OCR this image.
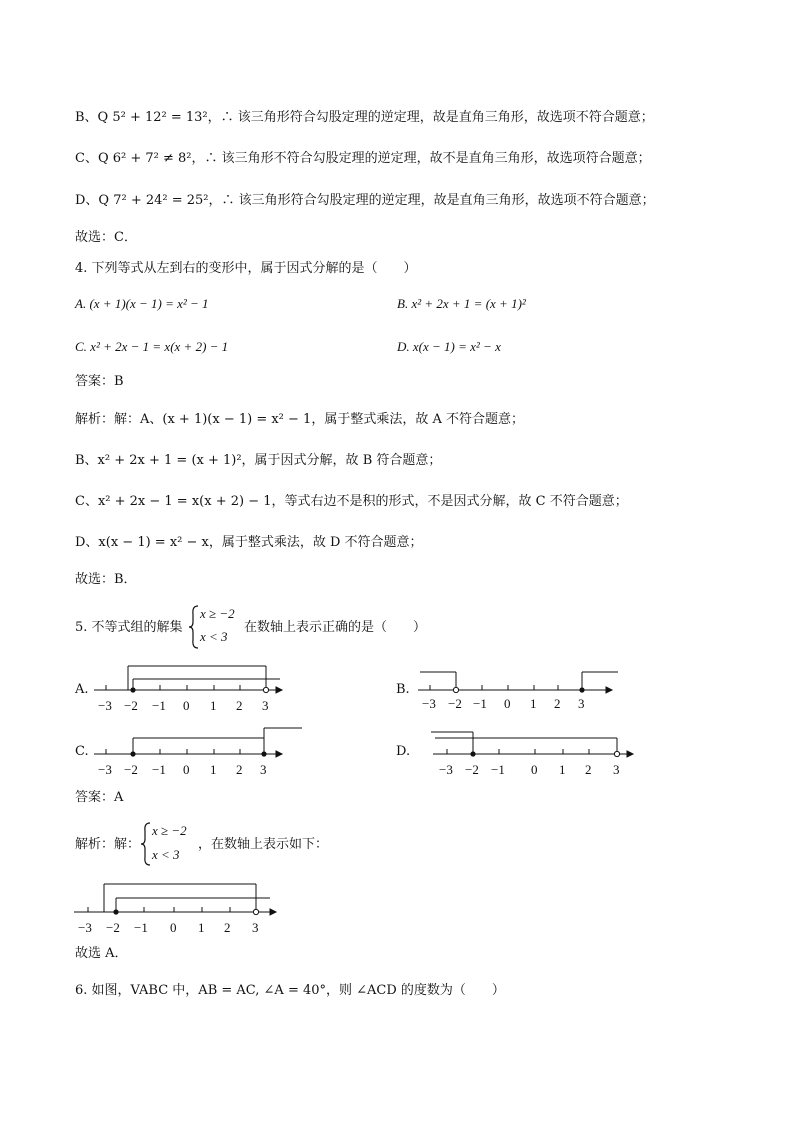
B、Q 5² + 12² = 13²，∴ 该三角形符合勾股定理的逆定理，故是直角三角形，故选项不符合题意；
C、Q 6² + 7² ≠ 8²，∴ 该三角形不符合勾股定理的逆定理，故不是直角三角形，故选项符合题意；
D、Q 7² + 24² = 25²，∴ 该三角形符合勾股定理的逆定理，故是直角三角形，故选项不符合题意；
故选：C．
4. 下列等式从左到右的变形中，属于因式分解的是（　　）
A. (x + 1)(x − 1) = x² − 1	B. x² + 2x + 1 = (x + 1)²
C. x² + 2x − 1 = x(x + 2) − 1	D. x(x − 1) = x² − x
答案：B
解析：解：A、(x + 1)(x − 1) = x² − 1，属于整式乘法，故 A 不符合题意；
B、x² + 2x + 1 = (x + 1)²，属于因式分解，故 B 符合题意；
C、x² + 2x − 1 = x(x + 2) − 1，等式右边不是积的形式，不是因式分解，故 C 不符合题意；
D、x(x − 1) = x² − x，属于整式乘法，故 D 不符合题意；
故选：B．
5. 不等式组的解集
x ≥ −2
x < 3
在数轴上表示正确的是（　　）
A.	B.
C.	D.
−3 −2 −1 0 1 2 3	−3 −2 −1 0 1 2 3
−3 −2 −1 0 1 2 3	−3 −2 −1 0 1 2 3
答案：A
解析：解：
x ≥ −2
x < 3
，在数轴上表示如下：
−3 −2 −1 0 1 2 3
故选 A．
6. 如图，VABC 中，AB = AC, ∠A = 40°，则 ∠ACD 的度数为（　　）
